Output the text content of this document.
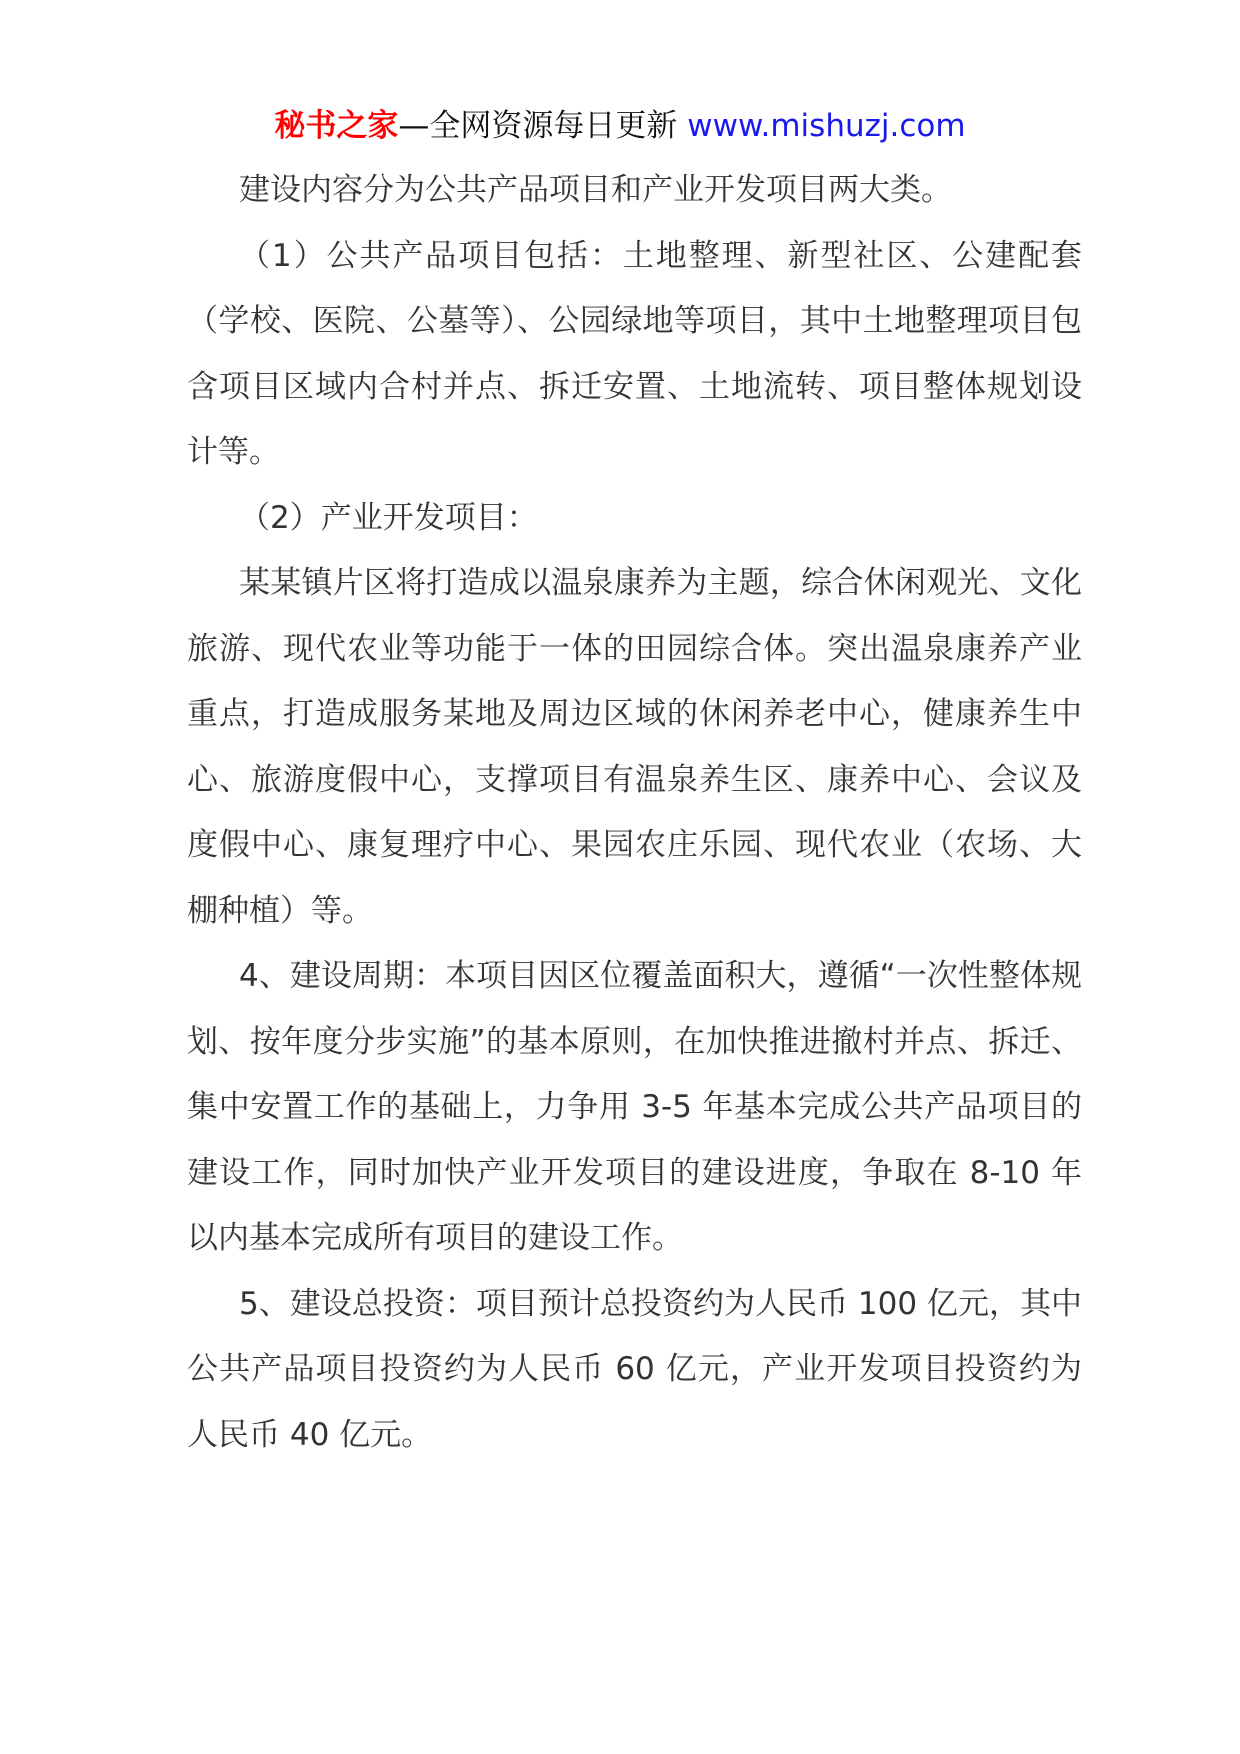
秘书之家—全网资源每日更新 www.mishuzj.com

建设内容分为公共产品项目和产业开发项目两大类。

（1）公共产品项目包括：土地整理、新型社区、公建配套（学校、医院、公墓等）、公园绿地等项目，其中土地整理项目包含项目区域内合村并点、拆迁安置、土地流转、项目整体规划设计等。

（2）产业开发项目：

某某镇片区将打造成以温泉康养为主题，综合休闲观光、文化旅游、现代农业等功能于一体的田园综合体。突出温泉康养产业重点，打造成服务某地及周边区域的休闲养老中心，健康养生中心、旅游度假中心，支撑项目有温泉养生区、康养中心、会议及度假中心、康复理疗中心、果园农庄乐园、现代农业（农场、大棚种植）等。

4、建设周期：本项目因区位覆盖面积大，遵循“一次性整体规划、按年度分步实施”的基本原则，在加快推进撤村并点、拆迁、集中安置工作的基础上，力争用 3-5 年基本完成公共产品项目的建设工作，同时加快产业开发项目的建设进度，争取在 8-10 年以内基本完成所有项目的建设工作。

5、建设总投资：项目预计总投资约为人民币 100 亿元，其中公共产品项目投资约为人民币 60 亿元，产业开发项目投资约为人民币 40 亿元。
